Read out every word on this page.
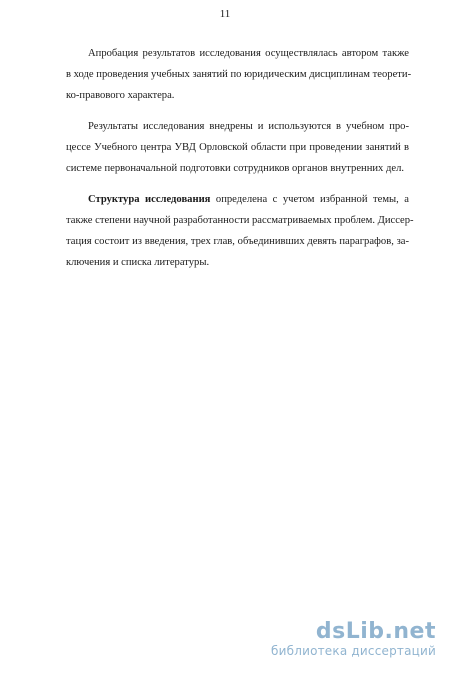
11
Апробация результатов исследования осуществлялась автором также
в ходе проведения учебных занятий по юридическим дисциплинам теорети-
ко-правового характера.
Результаты исследования внедрены и используются в учебном про-
цессе Учебного центра УВД Орловской области при проведении занятий в
системе первоначальной подготовки сотрудников органов внутренних дел.
Структура исследования определена с учетом избранной темы, а
также степени научной разработанности рассматриваемых проблем. Диссер-
тация состоит из введения, трех глав, объединивших девять параграфов, за-
ключения и списка литературы.
dsLib.net
библиотека диссертаций
